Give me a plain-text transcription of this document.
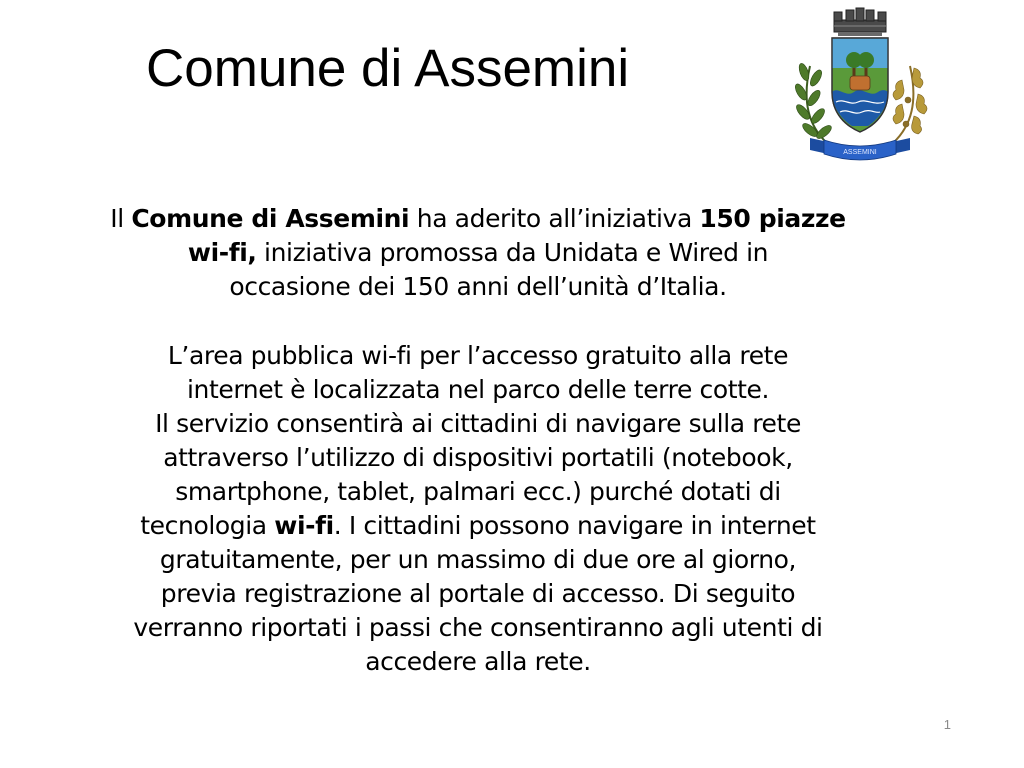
Comune di Assemini
ASSEMINI
Il Comune di Assemini ha aderito all’iniziativa 150 piazze
wi-fi, iniziativa promossa da Unidata e Wired in
occasione dei 150 anni dell’unità d’Italia.
L’area pubblica wi-fi per l’accesso gratuito alla rete
internet è localizzata nel parco delle terre cotte.
Il servizio consentirà ai cittadini di navigare sulla rete
attraverso l’utilizzo di dispositivi portatili (notebook,
smartphone, tablet, palmari ecc.) purché dotati di
tecnologia wi-fi. I cittadini possono navigare in internet
gratuitamente, per un massimo di due ore al giorno,
previa registrazione al portale di accesso. Di seguito
verranno riportati i passi che consentiranno agli utenti di
accedere alla rete.
1
